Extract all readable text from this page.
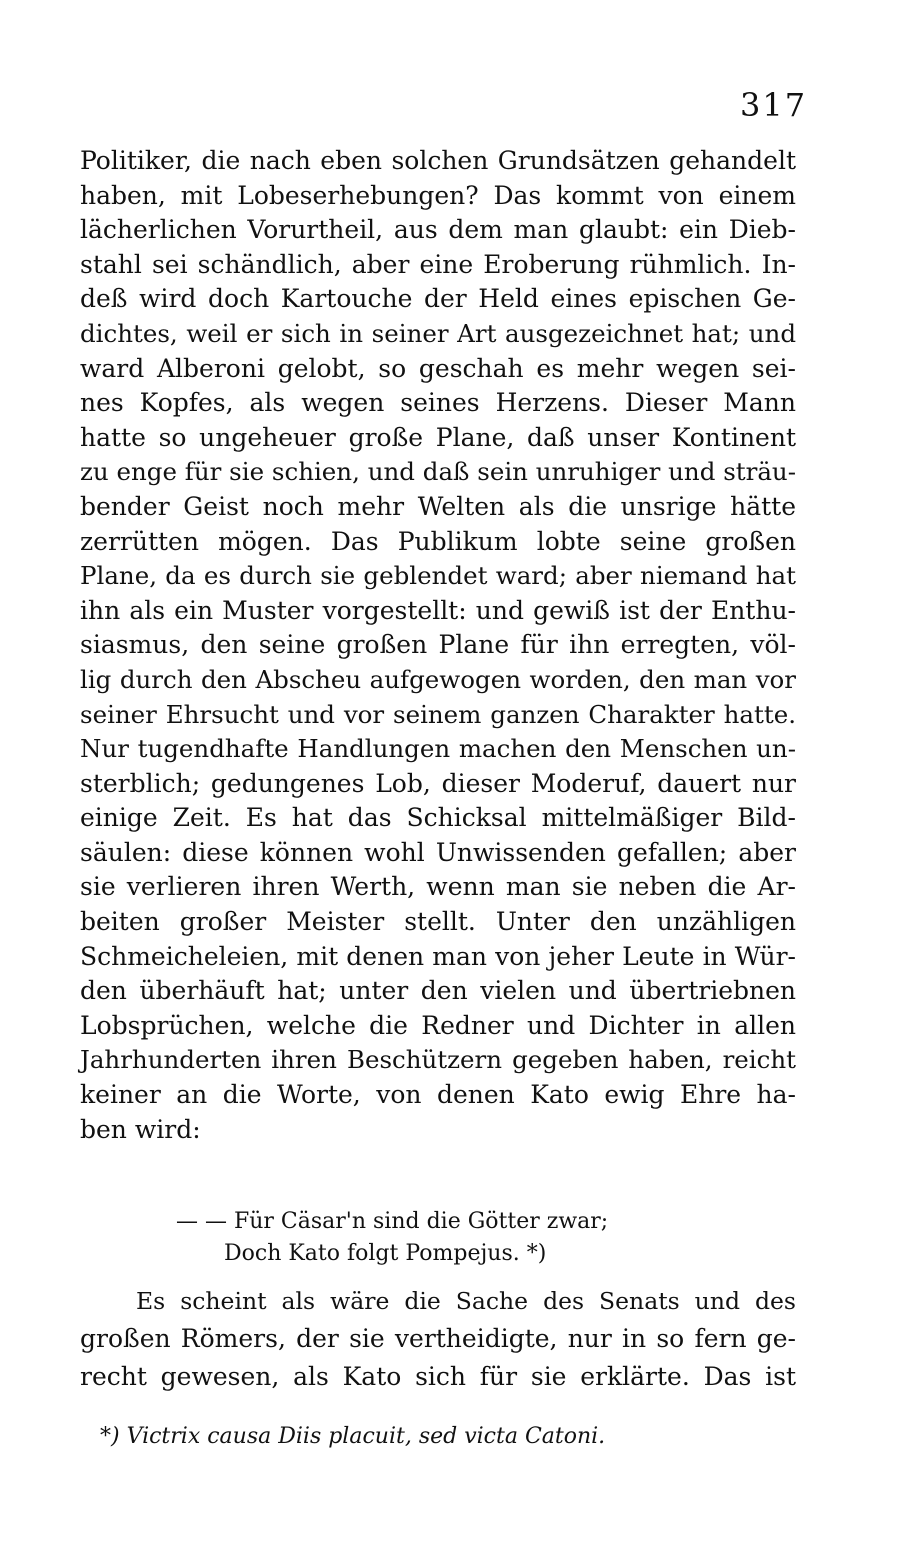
317
Politiker, die nach eben solchen Grundsätzen gehandelt
haben, mit Lobeserhebungen? Das kommt von einem
lächerlichen Vorurtheil, aus dem man glaubt: ein Dieb-
stahl sei schändlich, aber eine Eroberung rühmlich. In-
deß wird doch Kartouche der Held eines epischen Ge-
dichtes, weil er sich in seiner Art ausgezeichnet hat; und
ward Alberoni gelobt, so geschah es mehr wegen sei-
nes Kopfes, als wegen seines Herzens. Dieser Mann
hatte so ungeheuer große Plane, daß unser Kontinent
zu enge für sie schien, und daß sein unruhiger und sträu-
bender Geist noch mehr Welten als die unsrige hätte
zerrütten mögen. Das Publikum lobte seine großen
Plane, da es durch sie geblendet ward; aber niemand hat
ihn als ein Muster vorgestellt: und gewiß ist der Enthu-
siasmus, den seine großen Plane für ihn erregten, völ-
lig durch den Abscheu aufgewogen worden, den man vor
seiner Ehrsucht und vor seinem ganzen Charakter hatte.
Nur tugendhafte Handlungen machen den Menschen un-
sterblich; gedungenes Lob, dieser Moderuf, dauert nur
einige Zeit. Es hat das Schicksal mittelmäßiger Bild-
säulen: diese können wohl Unwissenden gefallen; aber
sie verlieren ihren Werth, wenn man sie neben die Ar-
beiten großer Meister stellt. Unter den unzähligen
Schmeicheleien, mit denen man von jeher Leute in Wür-
den überhäuft hat; unter den vielen und übertriebnen
Lobsprüchen, welche die Redner und Dichter in allen
Jahrhunderten ihren Beschützern gegeben haben, reicht
keiner an die Worte, von denen Kato ewig Ehre ha-
ben wird:
— — Für Cäsar'n sind die Götter zwar;
Doch Kato folgt Pompejus. *)
Es scheint als wäre die Sache des Senats und des
großen Römers, der sie vertheidigte, nur in so fern ge-
recht gewesen, als Kato sich für sie erklärte. Das ist
*) Victrix causa Diis placuit, sed victa Catoni.
